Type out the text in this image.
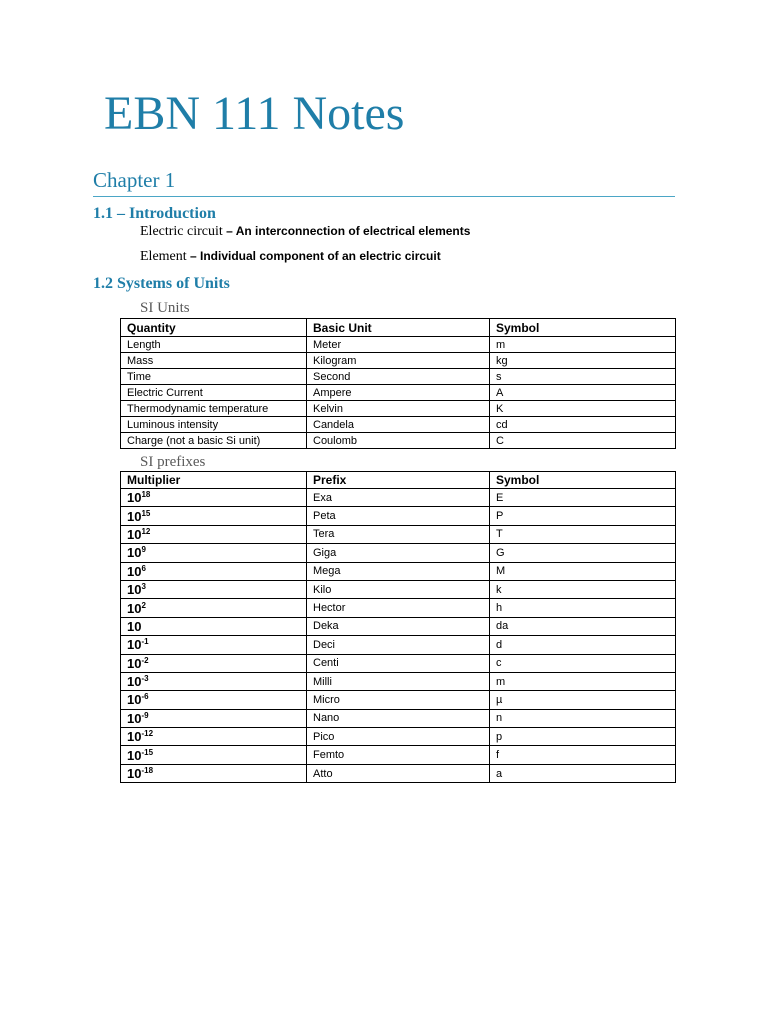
EBN 111 Notes
Chapter 1
1.1 – Introduction
Electric circuit – An interconnection of electrical elements
Element – Individual component of an electric circuit
1.2 Systems of Units
SI Units
Quantity	Basic Unit	Symbol
Length	Meter	m
Mass	Kilogram	kg
Time	Second	s
Electric Current	Ampere	A
Thermodynamic temperature	Kelvin	K
Luminous intensity	Candela	cd
Charge (not a basic Si unit)	Coulomb	C
SI prefixes
Multiplier	Prefix	Symbol
$10^{18}$	Exa	E
$10^{15}$	Peta	P
$10^{12}$	Tera	T
$10^9$	Giga	G
$10^6$	Mega	M
$10^3$	Kilo	k
$10^2$	Hector	h
10	Deka	da
$10^{-1}$	Deci	d
$10^{-2}$	Centi	c
$10^{-3}$	Milli	m
$10^{-6}$	Micro	µ
$10^{-9}$	Nano	n
$10^{-12}$	Pico	p
$10^{-15}$	Femto	f
$10^{-18}$	Atto	a
